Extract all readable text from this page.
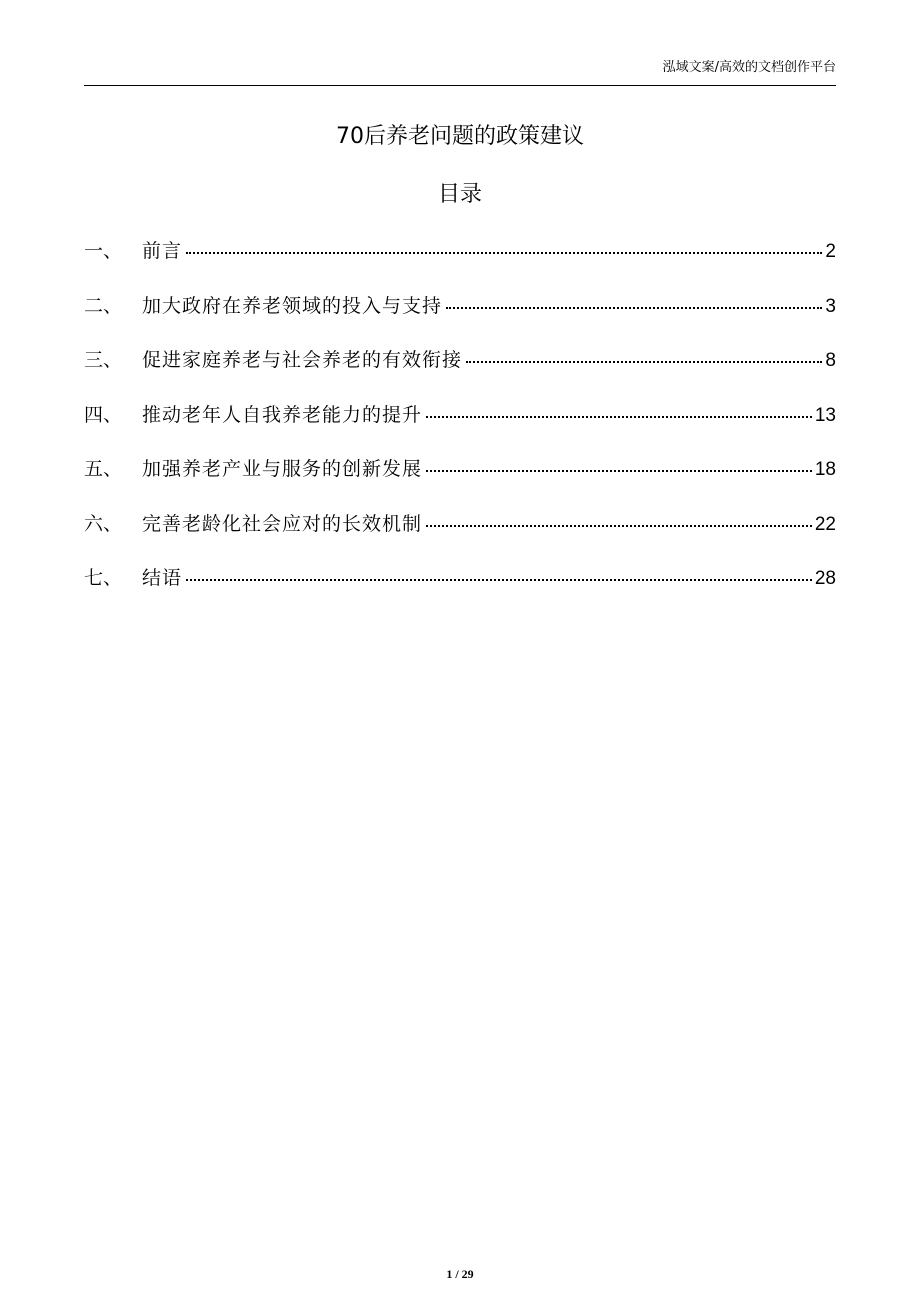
泓域文案/高效的文档创作平台
70后养老问题的政策建议
目录
一、	前言	2
二、	加大政府在养老领域的投入与支持	3
三、	促进家庭养老与社会养老的有效衔接	8
四、	推动老年人自我养老能力的提升	13
五、	加强养老产业与服务的创新发展	18
六、	完善老龄化社会应对的长效机制	22
七、	结语	28
1 / 29
